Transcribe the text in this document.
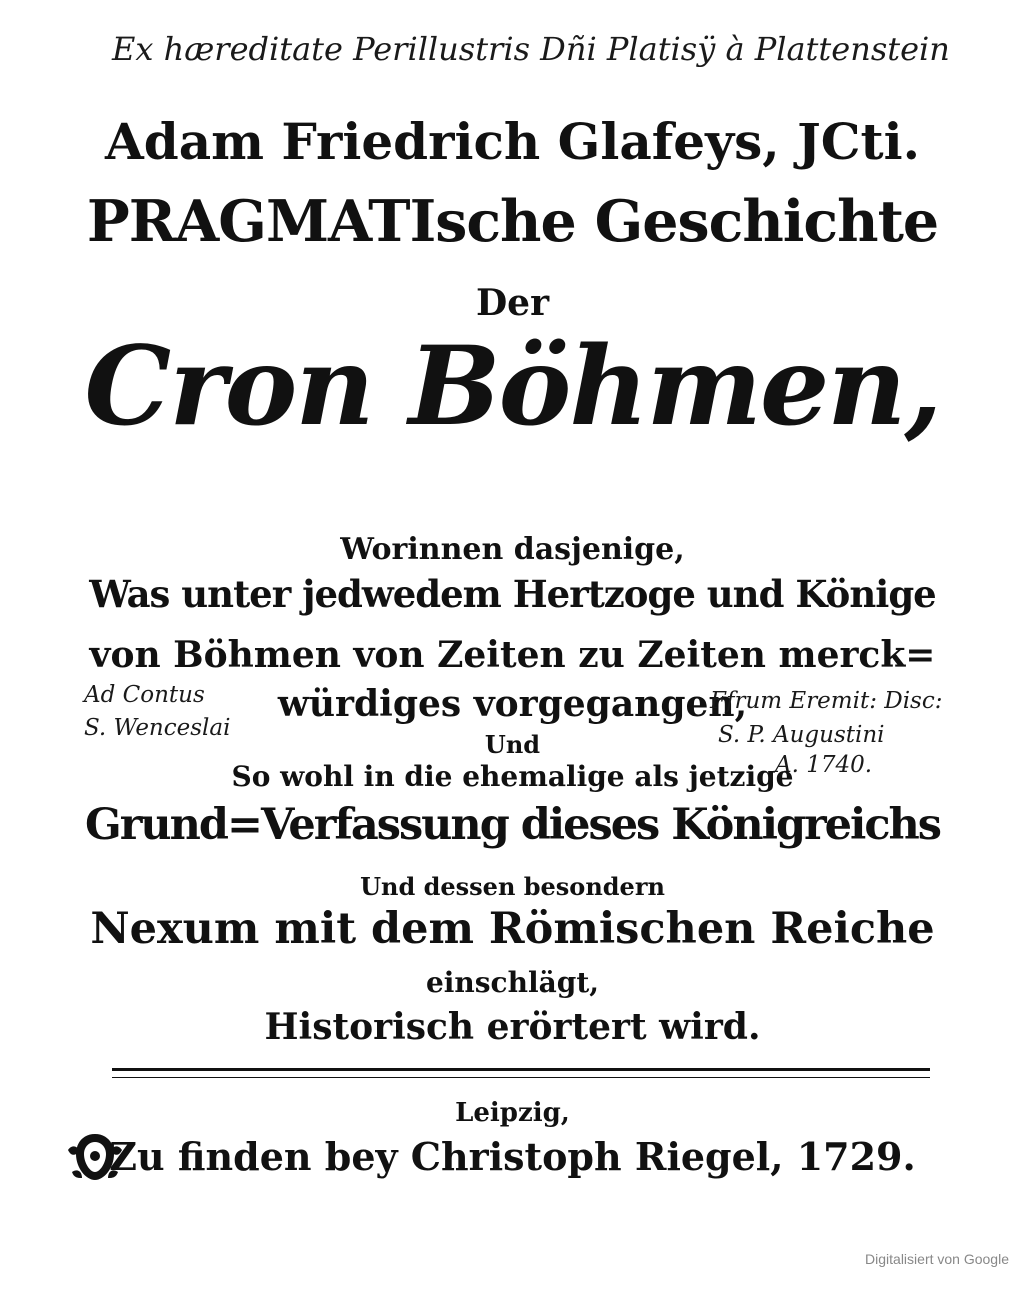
Ex hæreditate Perillustris Dñi Platisÿ à Plattenstein
Adam Friedrich Glafeys, JCti.
PRAGMATIsche Geschichte
Der
Cron Böhmen,
Worinnen dasjenige,
Was unter jedwedem Hertzoge und Könige
von Böhmen von Zeiten zu Zeiten merck=
würdiges vorgegangen,
Ad Contus
S. Wenceslai
Ffrum Eremit: Disc:
S. P. Augustini
A. 1740.
Und
So wohl in die ehemalige als jetzige
Grund=Verfassung dieses Königreichs
Und dessen besondern
Nexum mit dem Römischen Reiche
einschlägt,
Historisch erörtert wird.
Leipzig,
Zu finden bey Christoph Riegel, 1729.
Digitalisiert von Google
